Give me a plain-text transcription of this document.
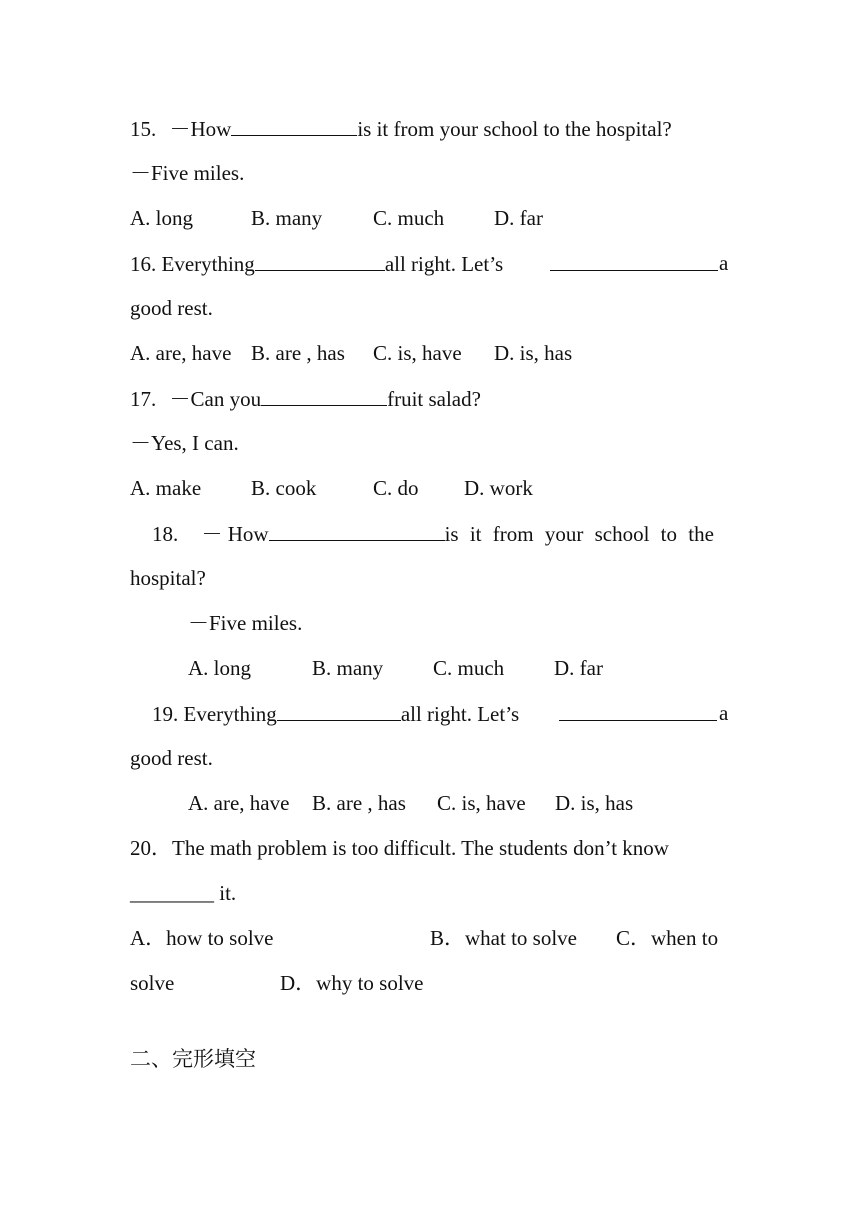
15. －How	is it from your school to the hospital?
－Five miles.
A. long	B. many C. much D. far
16. Everything	all right. Let’s	a
good rest.
A. are, have B. are , has C. is, have D. is, has
17. －Can you	fruit salad?
－Yes, I can.
A. make B. cook	C. do D. work
18. － How	is it from your school to the
hospital?
－Five miles.
A. long	B. many C. much D. far
19. Everything	all right. Let’s	a
good rest.
A. are, have B. are , has C. is, have D. is, has
20．The math problem is too difficult. The students don’t know
________ it.
A．how to solve	B．what to solve C．when to
solve	D．why to solve
二、完形填空
